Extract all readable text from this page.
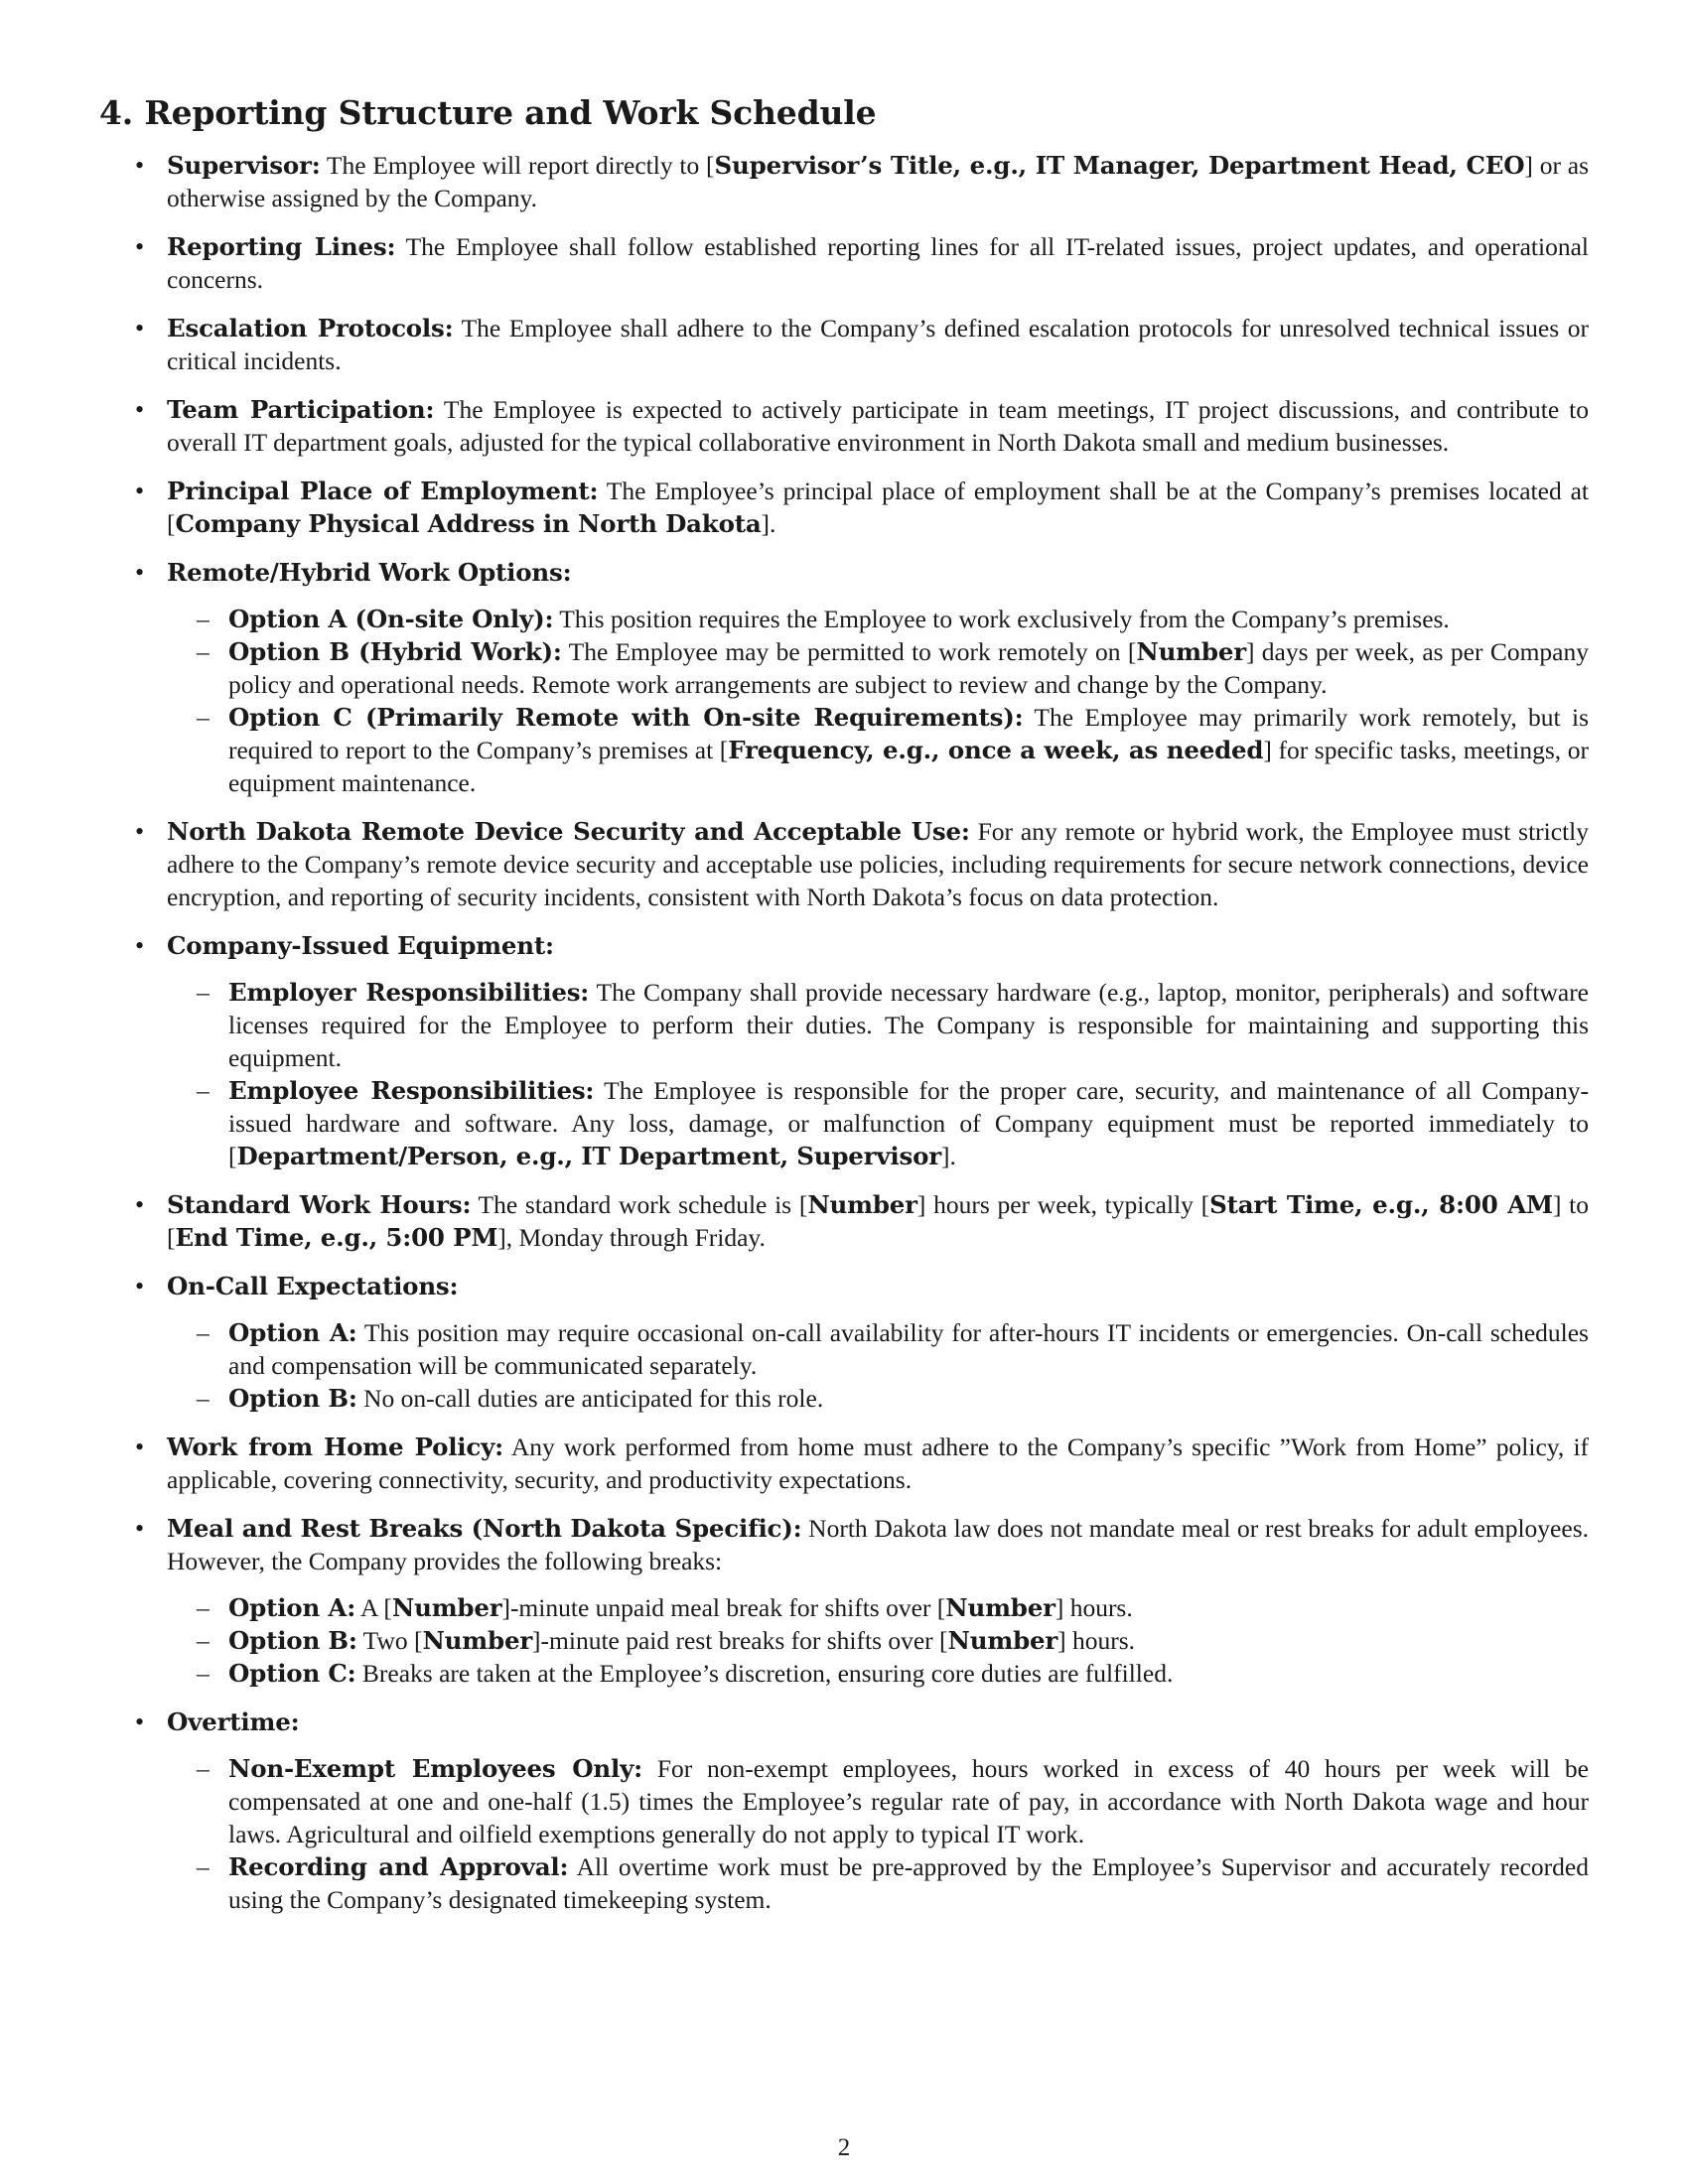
4. Reporting Structure and Work Schedule
• Supervisor: The Employee will report directly to [Supervisor’s Title, e.g., IT Manager, Department Head, CEO] or as otherwise assigned by the Company.
• Reporting Lines: The Employee shall follow established reporting lines for all IT-related issues, project updates, and operational concerns.
• Escalation Protocols: The Employee shall adhere to the Company’s defined escalation protocols for unresolved technical issues or critical incidents.
• Team Participation: The Employee is expected to actively participate in team meetings, IT project discussions, and contribute to overall IT department goals, adjusted for the typical collaborative environment in North Dakota small and medium businesses.
• Principal Place of Employment: The Employee’s principal place of employment shall be at the Company’s premises located at [Company Physical Address in North Dakota].
• Remote/Hybrid Work Options:
– Option A (On-site Only): This position requires the Employee to work exclusively from the Company’s premises.
– Option B (Hybrid Work): The Employee may be permitted to work remotely on [Number] days per week, as per Company policy and operational needs. Remote work arrangements are subject to review and change by the Company.
– Option C (Primarily Remote with On-site Requirements): The Employee may primarily work remotely, but is required to report to the Company’s premises at [Frequency, e.g., once a week, as needed] for specific tasks, meetings, or equipment maintenance.
• North Dakota Remote Device Security and Acceptable Use: For any remote or hybrid work, the Employee must strictly adhere to the Company’s remote device security and acceptable use policies, including requirements for secure network connections, device encryption, and reporting of security incidents, consistent with North Dakota’s focus on data protection.
• Company-Issued Equipment:
– Employer Responsibilities: The Company shall provide necessary hardware (e.g., laptop, monitor, peripherals) and software licenses required for the Employee to perform their duties. The Company is responsible for maintaining and supporting this equipment.
– Employee Responsibilities: The Employee is responsible for the proper care, security, and maintenance of all Company-issued hardware and software. Any loss, damage, or malfunction of Company equipment must be reported immediately to [Department/Person, e.g., IT Department, Supervisor].
• Standard Work Hours: The standard work schedule is [Number] hours per week, typically [Start Time, e.g., 8:00 AM] to [End Time, e.g., 5:00 PM], Monday through Friday.
• On-Call Expectations:
– Option A: This position may require occasional on-call availability for after-hours IT incidents or emergencies. On-call schedules and compensation will be communicated separately.
– Option B: No on-call duties are anticipated for this role.
• Work from Home Policy: Any work performed from home must adhere to the Company’s specific ”Work from Home” policy, if applicable, covering connectivity, security, and productivity expectations.
• Meal and Rest Breaks (North Dakota Specific): North Dakota law does not mandate meal or rest breaks for adult employees. However, the Company provides the following breaks:
– Option A: A [Number]-minute unpaid meal break for shifts over [Number] hours.
– Option B: Two [Number]-minute paid rest breaks for shifts over [Number] hours.
– Option C: Breaks are taken at the Employee’s discretion, ensuring core duties are fulfilled.
• Overtime:
– Non-Exempt Employees Only: For non-exempt employees, hours worked in excess of 40 hours per week will be compensated at one and one-half (1.5) times the Employee’s regular rate of pay, in accordance with North Dakota wage and hour laws. Agricultural and oilfield exemptions generally do not apply to typical IT work.
– Recording and Approval: All overtime work must be pre-approved by the Employee’s Supervisor and accurately recorded using the Company’s designated timekeeping system.
2
